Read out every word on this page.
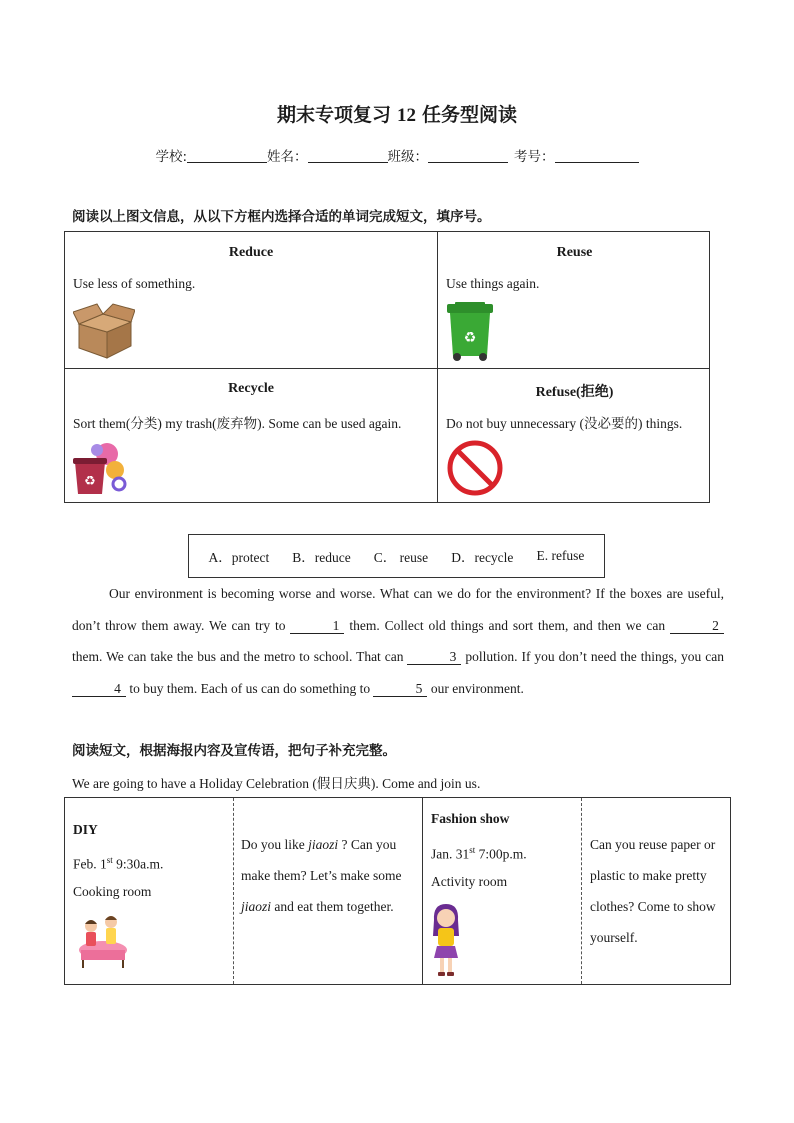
期末专项复习 12 任务型阅读
学校:	姓名：	班级：	考号：
阅读以上图文信息，从以下方框内选择合适的单词完成短文，填序号。
Reduce
Use less of something.
Reuse
Use things again.
♻
Recycle
Sort them(分类) my trash(废弃物). Some can be used again.
♻
Refuse(拒绝)
Do not buy unnecessary (没必要的) things.
A．protect B．reduce C． reuse D．recycle E. refuse
Our environment is becoming worse and worse. What can we do for the environment? If the boxes are useful, don’t throw them away. We can try to	1 them. Collect old things and sort them, and then we can	2 them. We can take the bus and the metro to school. That can	3 pollution. If you don’t need the things, you can 4 to buy them. Each of us can do something to	5 our environment.
阅读短文，根据海报内容及宣传语，把句子补充完整。
We are going to have a Holiday Celebration (假日庆典). Come and join us.
DIY
Feb. 1st 9:30a.m.
Cooking room
Do you like jiaozi ? Can you make them? Let’s make some jiaozi and eat them together.
Fashion show
Jan. 31st 7:00p.m.
Activity room
Can you reuse paper or plastic to make pretty clothes? Come to show yourself.
